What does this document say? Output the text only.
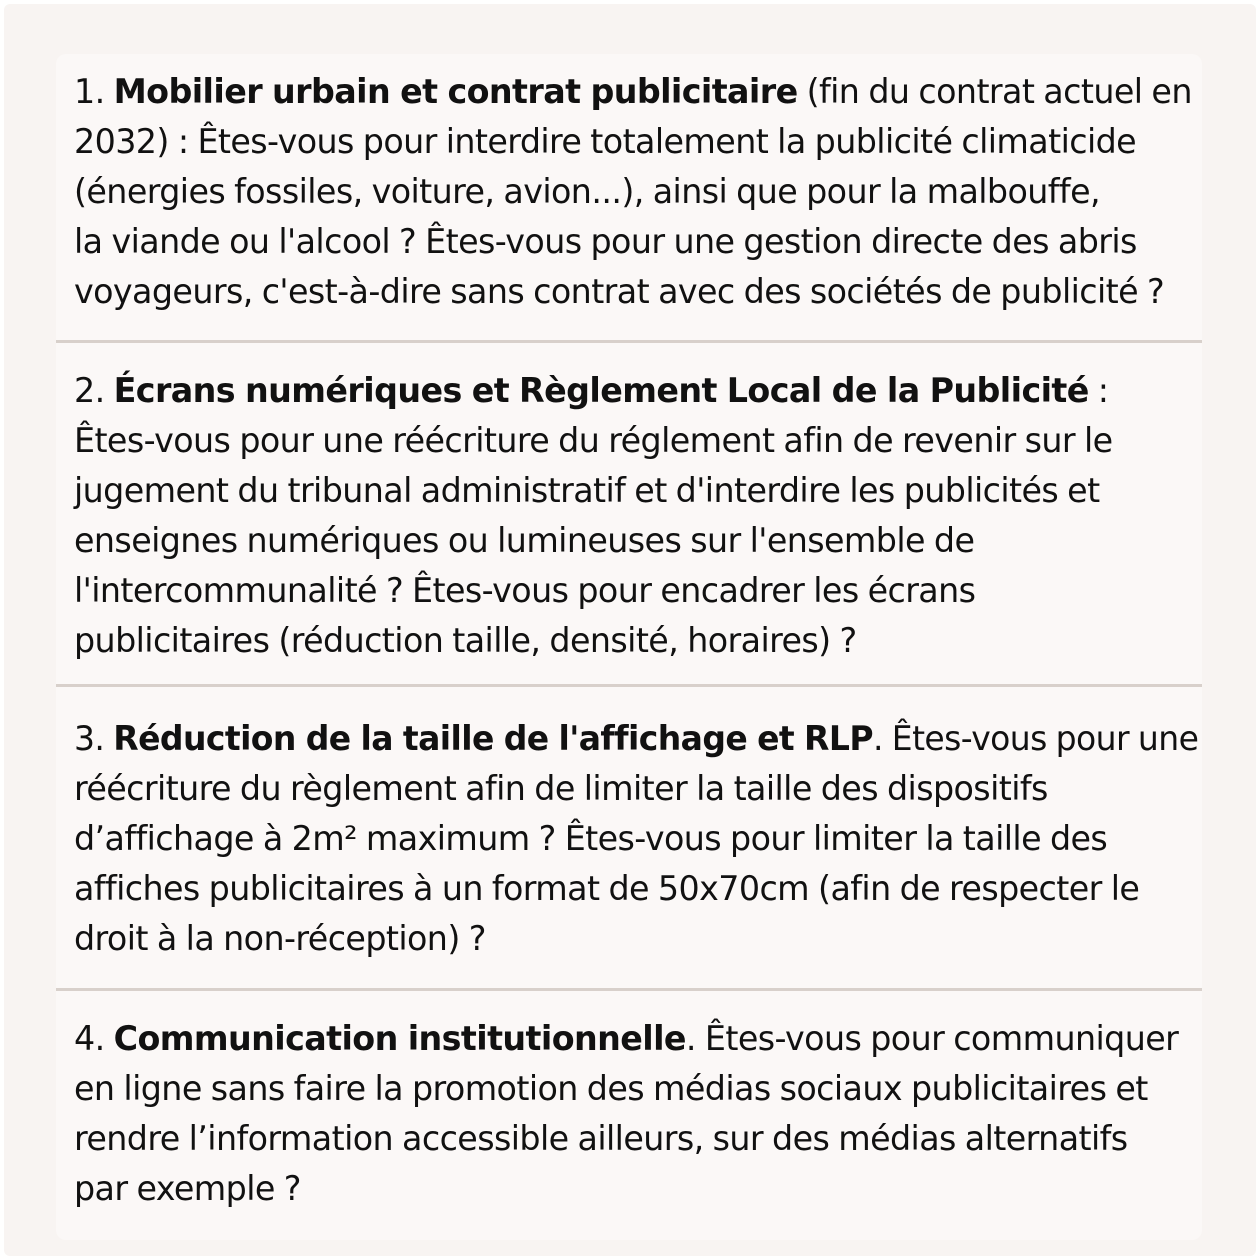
1. Mobilier urbain et contrat publicitaire (fin du contrat actuel en
2032) : Êtes-vous pour interdire totalement la publicité climaticide
(énergies fossiles, voiture, avion...), ainsi que pour la malbouffe,
la viande ou l'alcool ? Êtes-vous pour une gestion directe des abris
voyageurs, c'est-à-dire sans contrat avec des sociétés de publicité ?
2. Écrans numériques et Règlement Local de la Publicité :
Êtes-vous pour une réécriture du réglement afin de revenir sur le
jugement du tribunal administratif et d'interdire les publicités et
enseignes numériques ou lumineuses sur l'ensemble de
l'intercommunalité ? Êtes-vous pour encadrer les écrans
publicitaires (réduction taille, densité, horaires) ?
3. Réduction de la taille de l'affichage et RLP. Êtes-vous pour une
réécriture du règlement afin de limiter la taille des dispositifs
d’affichage à 2m² maximum ? Êtes-vous pour limiter la taille des
affiches publicitaires à un format de 50x70cm (afin de respecter le
droit à la non-réception) ?
4. Communication institutionnelle. Êtes-vous pour communiquer
en ligne sans faire la promotion des médias sociaux publicitaires et
rendre l’information accessible ailleurs, sur des médias alternatifs
par exemple ?
